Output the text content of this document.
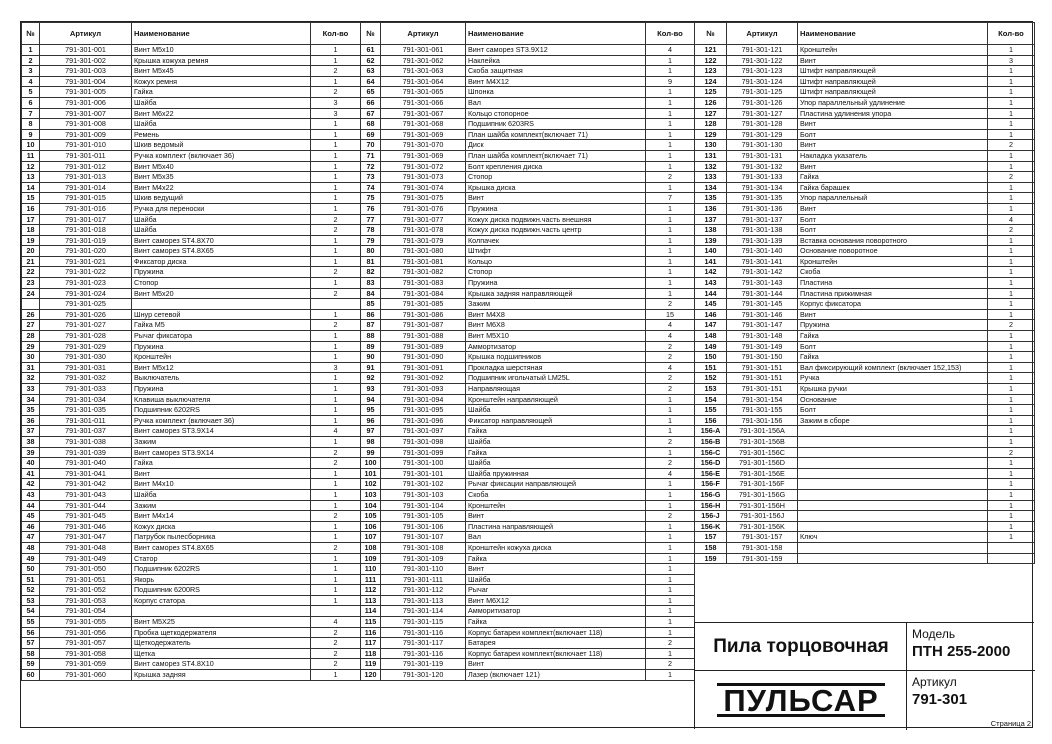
№	Артикул	Наименование	Кол-во
1	791-301-001	Винт M5x10	1
2	791-301-002	Крышка кожуха ремня	1
3	791-301-003	Винт M5x45	2
4	791-301-004	Кожух ремня	1
5	791-301-005	Гайка	2
6	791-301-006	Шайба	3
7	791-301-007	Винт M6x22	3
8	791-301-008	Шайба	1
9	791-301-009	Ремень	1
10	791-301-010	Шкив ведомый	1
11	791-301-011	Ручка комплект (включает 36)	1
12	791-301-012	Винт M5x40	1
13	791-301-013	Винт M5x35	1
14	791-301-014	Винт M4x22	1
15	791-301-015	Шкив ведущий	1
16	791-301-016	Ручка для переноски	1
17	791-301-017	Шайба	2
18	791-301-018	Шайба	2
19	791-301-019	Винт саморез ST4.8X70	1
20	791-301-020	Винт саморез ST4.8X65	1
21	791-301-021	Фиксатор диска	1
22	791-301-022	Пружина	2
23	791-301-023	Стопор	1
24	791-301-024	Винт M5x20	2
	791-301-025		
26	791-301-026	Шнур сетевой	1
27	791-301-027	Гайка M5	2
28	791-301-028	Рычаг фиксатора	1
29	791-301-029	Пружина	1
30	791-301-030	Кронштейн	1
31	791-301-031	Винт M5x12	3
32	791-301-032	Выключатель	1
33	791-301-033	Пружина	1
34	791-301-034	Клавиша выключателя	1
35	791-301-035	Подшипник 6202RS	1
36	791-301-011	Ручка комплект (включает 36)	1
37	791-301-037	Винт саморез ST3.9X14	4
38	791-301-038	Зажим	1
39	791-301-039	Винт саморез ST3.9X14	2
40	791-301-040	Гайка	2
41	791-301-041	Винт	1
42	791-301-042	Винт M4x10	1
43	791-301-043	Шайба	1
44	791-301-044	Зажим	1
45	791-301-045	Винт M4x14	2
46	791-301-046	Кожух диска	1
47	791-301-047	Патрубок пылесборника	1
48	791-301-048	Винт саморез ST4.8X65	2
49	791-301-049	Статор	1
50	791-301-050	Подшипник 6202RS	1
51	791-301-051	Якорь	1
52	791-301-052	Подшипник 6200RS	1
53	791-301-053	Корпус статора	1
54	791-301-054		
55	791-301-055	Винт M5X25	4
56	791-301-056	Пробка щеткодержателя	2
57	791-301-057	Щеткодержатель	2
58	791-301-058	Щетка	2
59	791-301-059	Винт саморез ST4.8X10	2
60	791-301-060	Крышка задняя	1
№	Артикул	Наименование	Кол-во
61	791-301-061	Винт саморез ST3.9X12	4
62	791-301-062	Наклейка	1
63	791-301-063	Скоба защитная	1
64	791-301-064	Винт M4X12	9
65	791-301-065	Шпонка	1
66	791-301-066	Вал	1
67	791-301-067	Кольцо стопорное	1
68	791-301-068	Подшипник 6203RS	1
69	791-301-069	План шайба комплект(включает 71)	1
70	791-301-070	Диск	1
71	791-301-069	План шайба комплект(включает 71)	1
72	791-301-072	Болт крепления диска	1
73	791-301-073	Стопор	2
74	791-301-074	Крышка диска	1
75	791-301-075	Винт	7
76	791-301-076	Пружина	1
77	791-301-077	Кожух диска подвижн.часть внешняя	1
78	791-301-078	Кожух диска подвижн.часть центр	1
79	791-301-079	Колпачек	1
80	791-301-080	Штифт	1
81	791-301-081	Кольцо	1
82	791-301-082	Стопор	1
83	791-301-083	Пружина	1
84	791-301-084	Крышка задняя направляющей	1
85	791-301-085	Зажим	2
86	791-301-086	Винт M4X8	15
87	791-301-087	Винт M6X8	4
88	791-301-088	Винт M5X10	4
89	791-301-089	Аммортизатор	2
90	791-301-090	Крышка подшипников	2
91	791-301-091	Прокладка шерстяная	4
92	791-301-092	Подшипник игольчатый LM25L	2
93	791-301-093	Направляющая	2
94	791-301-094	Кронштейн направляющей	1
95	791-301-095	Шайба	1
96	791-301-096	Фиксатор направляющей	1
97	791-301-097	Гайка	1
98	791-301-098	Шайба	2
99	791-301-099	Гайка	1
100	791-301-100	Шайба	2
101	791-301-101	Шайба пружинная	4
102	791-301-102	Рычаг фиксации направляющей	1
103	791-301-103	Скоба	1
104	791-301-104	Кронштейн	1
105	791-301-105	Винт	2
106	791-301-106	Пластина направляющей	1
107	791-301-107	Вал	1
108	791-301-108	Кронштейн кожуха диска	1
109	791-301-109	Гайка	1
110	791-301-110	Винт	1
111	791-301-111	Шайба	1
112	791-301-112	Рычаг	1
113	791-301-113	Винт M6X12	1
114	791-301-114	Амморитизатор	1
115	791-301-115	Гайка	1
116	791-301-116	Корпус батареи комплект(включает 118)	1
117	791-301-117	Батарея	2
118	791-301-116	Корпус батареи комплект(включает 118)	1
119	791-301-119	Винт	2
120	791-301-120	Лазер (включает 121)	1
№	Артикул	Наименование	Кол-во
121	791-301-121	Кронштейн	1
122	791-301-122	Винт	3
123	791-301-123	Штифт направляющей	1
124	791-301-124	Штифт направляющей	1
125	791-301-125	Штифт направляющей	1
126	791-301-126	Упор параллельный удлинение	1
127	791-301-127	Пластина удлинения упора	1
128	791-301-128	Винт	1
129	791-301-129	Болт	1
130	791-301-130	Винт	2
131	791-301-131	Накладка указатель	1
132	791-301-132	Винт	1
133	791-301-133	Гайка	2
134	791-301-134	Гайка барашек	1
135	791-301-135	Упор параллельный	1
136	791-301-136	Винт	1
137	791-301-137	Болт	4
138	791-301-138	Болт	2
139	791-301-139	Вставка основания поворотного	1
140	791-301-140	Основание поворотное	1
141	791-301-141	Кронштейн	1
142	791-301-142	Скоба	1
143	791-301-143	Пластина	1
144	791-301-144	Пластина прижимная	1
145	791-301-145	Корпус фиксатора	1
146	791-301-146	Винт	1
147	791-301-147	Пружина	2
148	791-301-148	Гайка	1
149	791-301-149	Болт	1
150	791-301-150	Гайка	1
151	791-301-151	Вал фиксирующий комплект (включает 152,153)	1
152	791-301-151	Ручка	1
153	791-301-151	Крышка ручки	1
154	791-301-154	Основание	1
155	791-301-155	Болт	1
156	791-301-156	Зажим в сборе	1
156-A	791-301-156A		1
156-B	791-301-156B		1
156-C	791-301-156C		2
156-D	791-301-156D		1
156-E	791-301-156E		1
156-F	791-301-156F		1
156-G	791-301-156G		1
156-H	791-301-156H		1
156-J	791-301-156J		1
156-K	791-301-156K		1
157	791-301-157	Ключ	1
158	791-301-158		
159	791-301-159		
Пила торцовочная
ПУЛЬСАР
Модель
ПТН 255-2000
Артикул
791-301
Страница 2
